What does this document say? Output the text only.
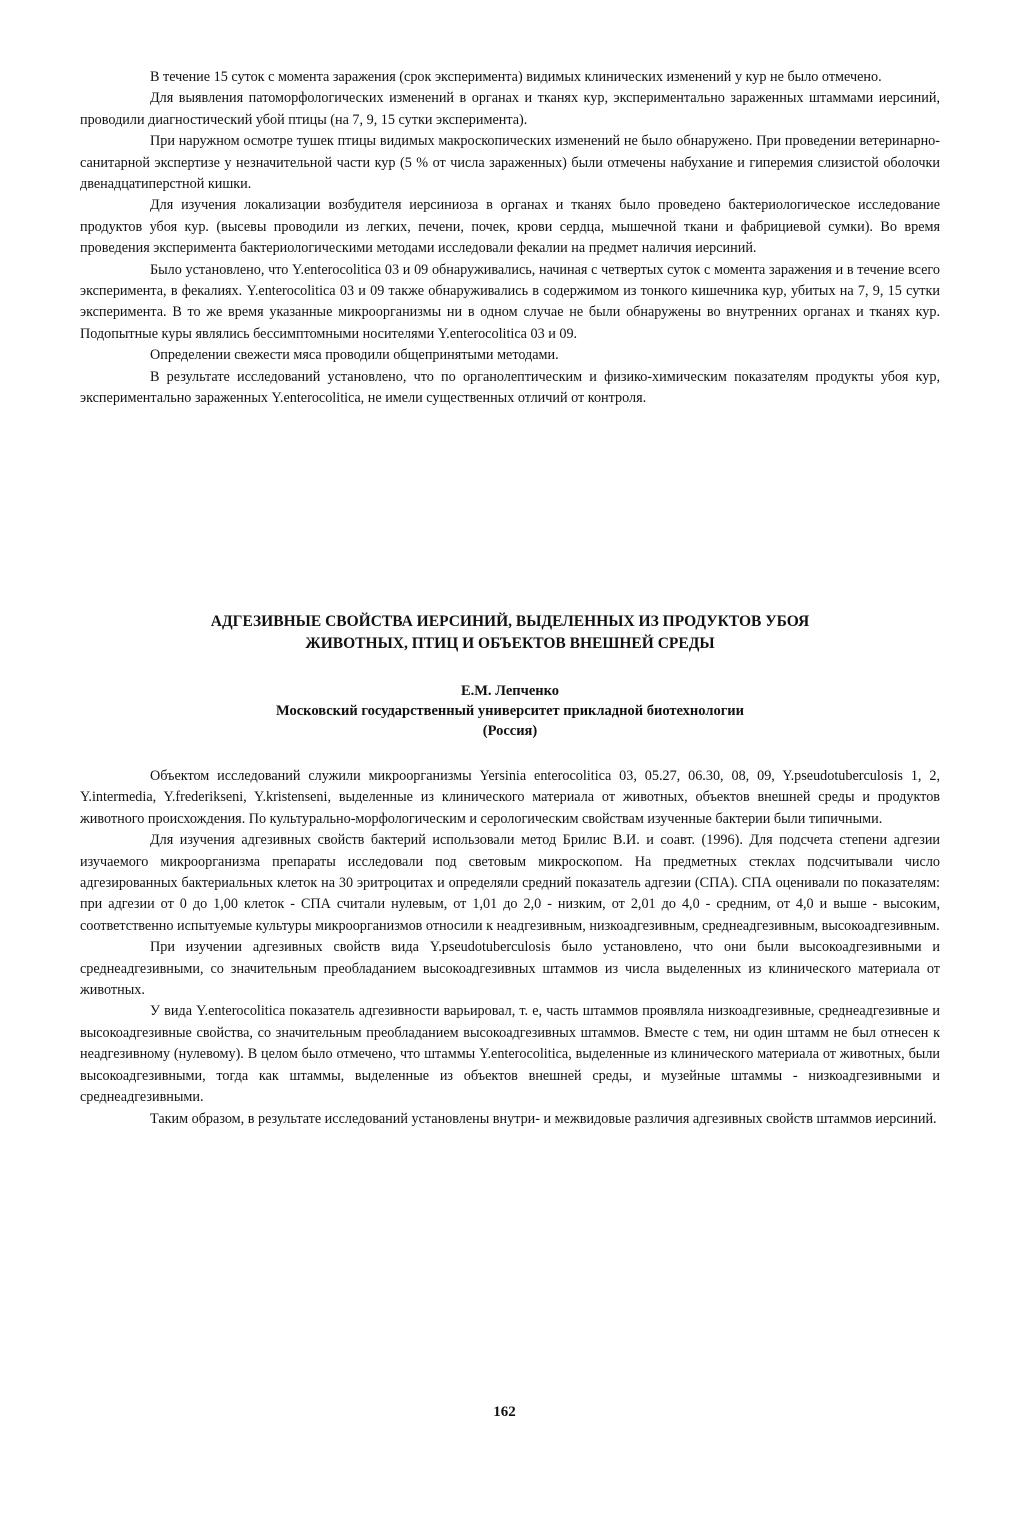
В течение 15 суток с момента заражения (срок эксперимента) видимых клинических изменений у кур не было отмечено.

Для выявления патоморфологических изменений в органах и тканях кур, экспериментально зараженных штаммами иерсиний, проводили диагностический убой птицы (на 7, 9, 15 сутки эксперимента).

При наружном осмотре тушек птицы видимых макроскопических изменений не было обнаружено. При проведении ветеринарно-санитарной экспертизе у незначительной части кур (5 % от числа зараженных) были отмечены набухание и гиперемия слизистой оболочки двенадцатиперстной кишки.

Для изучения локализации возбудителя иерсиниоза в органах и тканях было проведено бактериологическое исследование продуктов убоя кур. (высевы проводили из легких, печени, почек, крови сердца, мышечной ткани и фабрициевой сумки). Во время проведения эксперимента бактериологическими методами исследовали фекалии на предмет наличия иерсиний.

Было установлено, что Y.enterocolitica 03 и 09 обнаруживались, начиная с четвертых суток с момента заражения и в течение всего эксперимента, в фекалиях. Y.enterocolitica 03 и 09 также обнаруживались в содержимом из тонкого кишечника кур, убитых на 7, 9, 15 сутки эксперимента. В то же время указанные микроорганизмы ни в одном случае не были обнаружены во внутренних органах и тканях кур. Подопытные куры являлись бессимптомными носителями Y.enterocolitica 03 и 09.

Определении свежести мяса проводили общепринятыми методами.

В результате исследований установлено, что по органолептическим и физико-химическим показателям продукты убоя кур, экспериментально зараженных Y.enterocolitica, не имели существенных отличий от контроля.

АДГЕЗИВНЫЕ СВОЙСТВА ИЕРСИНИЙ, ВЫДЕЛЕННЫХ ИЗ ПРОДУКТОВ УБОЯ
ЖИВОТНЫХ, ПТИЦ И ОБЪЕКТОВ ВНЕШНЕЙ СРЕДЫ
Е.М. Лепченко
Московский государственный университет прикладной биотехнологии
(Россия)

Объектом исследований служили микроорганизмы Yersinia enterocolitica 03, 05.27, 06.30, 08, 09, Y.pseudotuberculosis 1, 2, Y.intermedia, Y.frederikseni, Y.kristenseni, выделенные из клинического материала от животных, объектов внешней среды и продуктов животного происхождения. По культурально-морфологическим и серологическим свойствам изученные бактерии были типичными.

Для изучения адгезивных свойств бактерий использовали метод Брилис В.И. и соавт. (1996). Для подсчета степени адгезии изучаемого микроорганизма препараты исследовали под световым микроскопом. На предметных стеклах подсчитывали число адгезированных бактериальных клеток на 30 эритроцитах и определяли средний показатель адгезии (СПА). СПА оценивали по показателям: при адгезии от 0 до 1,00 клеток - СПА считали нулевым, от 1,01 до 2,0 - низким, от 2,01 до 4,0 - средним, от 4,0 и выше - высоким, соответственно испытуемые культуры микроорганизмов относили к неадгезивным, низкоадгезивным, среднеадгезивным, высокоадгезивным.

При изучении адгезивных свойств вида Y.pseudotuberculosis было установлено, что они были высокоадгезивными и среднеадгезивными, со значительным преобладанием высокоадгезивных штаммов из числа выделенных из клинического материала от животных.

У вида Y.enterocolitica показатель адгезивности варьировал, т. е, часть штаммов проявляла низкоадгезивные, среднеадгезивные и высокоадгезивные свойства, со значительным преобладанием высокоадгезивных штаммов. Вместе с тем, ни один штамм не был отнесен к неадгезивному (нулевому). В целом было отмечено, что штаммы Y.enterocolitica, выделенные из клинического материала от животных, были высокоадгезивными, тогда как штаммы, выделенные из объектов внешней среды, и музейные штаммы - низкоадгезивными и среднеадгезивными.

Таким образом, в результате исследований установлены внутри- и межвидовые различия адгезивных свойств штаммов иерсиний.

162
